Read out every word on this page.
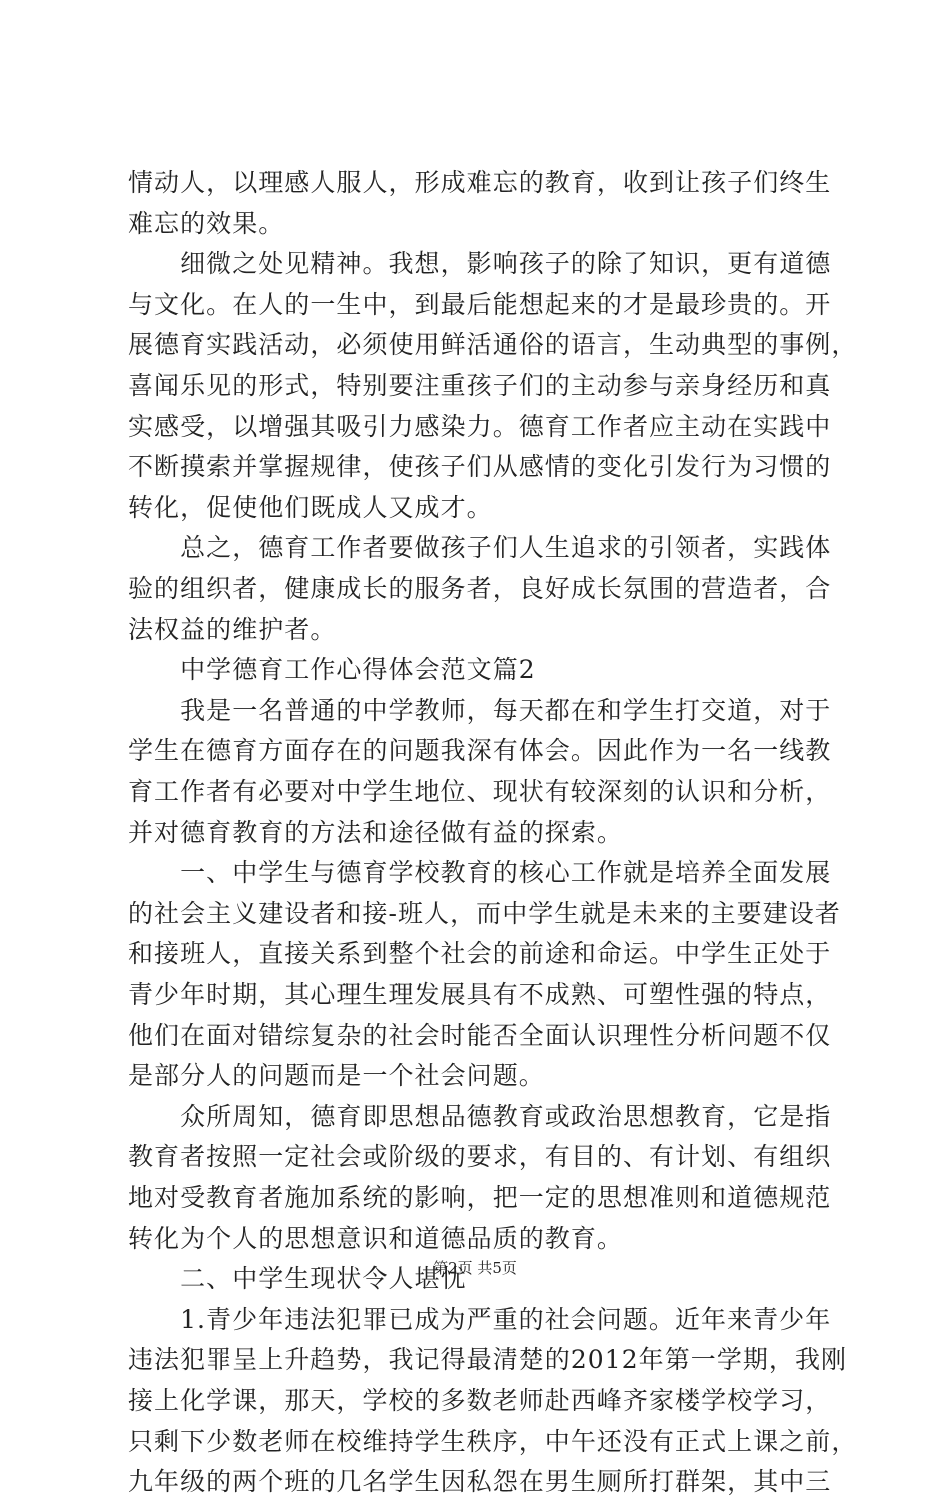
情动人，以理感人服人，形成难忘的教育，收到让孩子们终生
难忘的效果。
　　细微之处见精神。我想，影响孩子的除了知识，更有道德
与文化。在人的一生中，到最后能想起来的才是最珍贵的。开
展德育实践活动，必须使用鲜活通俗的语言，生动典型的事例，
喜闻乐见的形式，特别要注重孩子们的主动参与亲身经历和真
实感受，以增强其吸引力感染力。德育工作者应主动在实践中
不断摸索并掌握规律，使孩子们从感情的变化引发行为习惯的
转化，促使他们既成人又成才。
　　总之，德育工作者要做孩子们人生追求的引领者，实践体
验的组织者，健康成长的服务者，良好成长氛围的营造者，合
法权益的维护者。
　　中学德育工作心得体会范文篇2
　　我是一名普通的中学教师，每天都在和学生打交道，对于
学生在德育方面存在的问题我深有体会。因此作为一名一线教
育工作者有必要对中学生地位、现状有较深刻的认识和分析，
并对德育教育的方法和途径做有益的探索。
　　一、中学生与德育学校教育的核心工作就是培养全面发展
的社会主义建设者和接-班人，而中学生就是未来的主要建设者
和接班人，直接关系到整个社会的前途和命运。中学生正处于
青少年时期，其心理生理发展具有不成熟、可塑性强的特点，
他们在面对错综复杂的社会时能否全面认识理性分析问题不仅
是部分人的问题而是一个社会问题。
　　众所周知，德育即思想品德教育或政治思想教育，它是指
教育者按照一定社会或阶级的要求，有目的、有计划、有组织
地对受教育者施加系统的影响，把一定的思想准则和道德规范
转化为个人的思想意识和道德品质的教育。
　　二、中学生现状令人堪忧
　　1.青少年违法犯罪已成为严重的社会问题。近年来青少年
违法犯罪呈上升趋势，我记得最清楚的2012年第一学期，我刚
接上化学课，那天，学校的多数老师赴西峰齐家楼学校学习，
只剩下少数老师在校维持学生秩序，中午还没有正式上课之前，
九年级的两个班的几名学生因私怨在男生厕所打群架，其中三
第2页 共5页
